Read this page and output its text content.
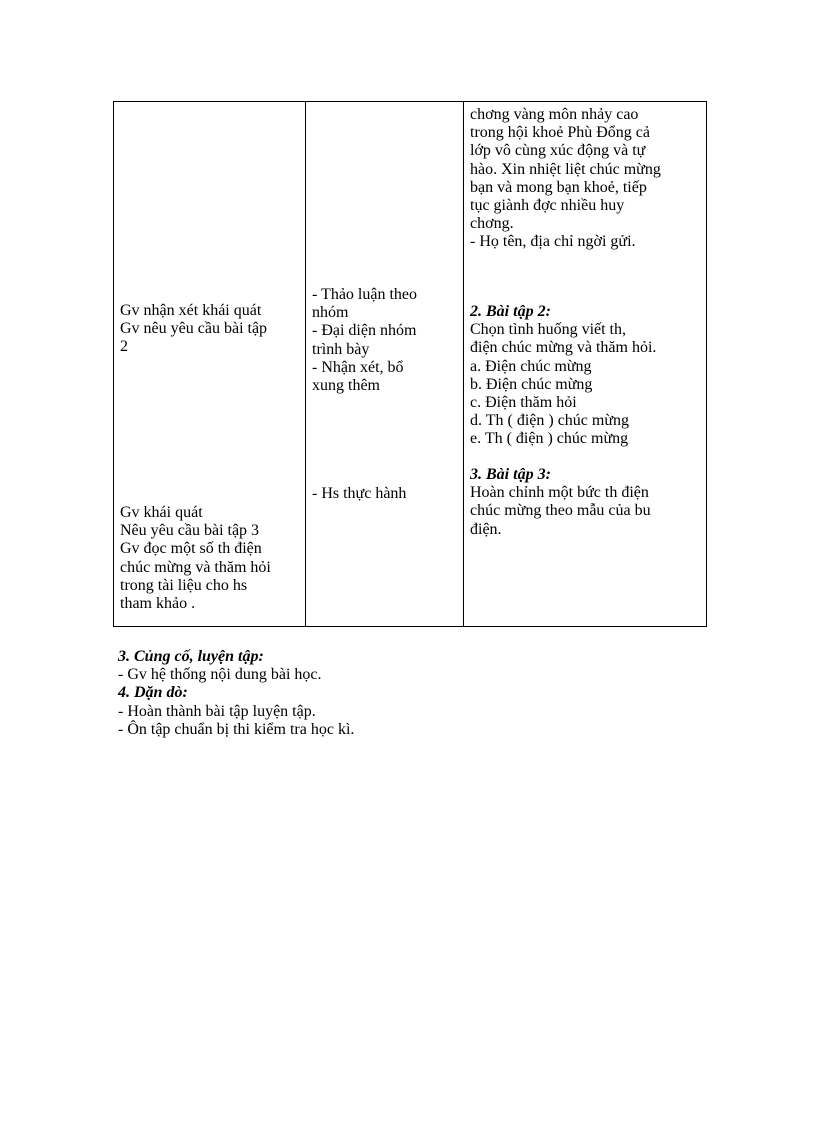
Gv nhận xét khái quát
Gv nêu yêu cầu bài tập
2
Gv khái quát
Nêu yêu cầu bài tập 3
Gv đọc một số th điện
chúc mừng và thăm hỏi
trong tài liệu cho hs
tham khảo .

- Thảo luận theo
nhóm
- Đại diện nhóm
trình bày
- Nhận xét, bổ
xung thêm
- Hs thực hành

chơng vàng môn nhảy cao
trong hội khoẻ Phù Đổng cả
lớp vô cùng xúc động và tự
hào. Xin nhiệt liệt chúc mừng
bạn và mong bạn khoẻ, tiếp
tục giành đợc nhiều huy
chơng.
- Họ tên, địa chỉ ngời gửi.
2. Bài tập 2:
Chọn tình huống viết th,
điện chúc mừng và thăm hỏi.
a. Điện chúc mừng
b. Điện chúc mừng
c. Điện thăm hỏi
d. Th ( điện ) chúc mừng
e. Th ( điện ) chúc mừng
3. Bài tập 3:
Hoàn chỉnh một bức th điện
chúc mừng theo mẫu của bu
điện.
3. Củng cố, luyện tập:
- Gv hệ thống nội dung bài học.
4. Dặn dò:
- Hoàn thành bài tập luyện tập.
- Ôn tập chuẩn bị thi kiểm tra học kì.
